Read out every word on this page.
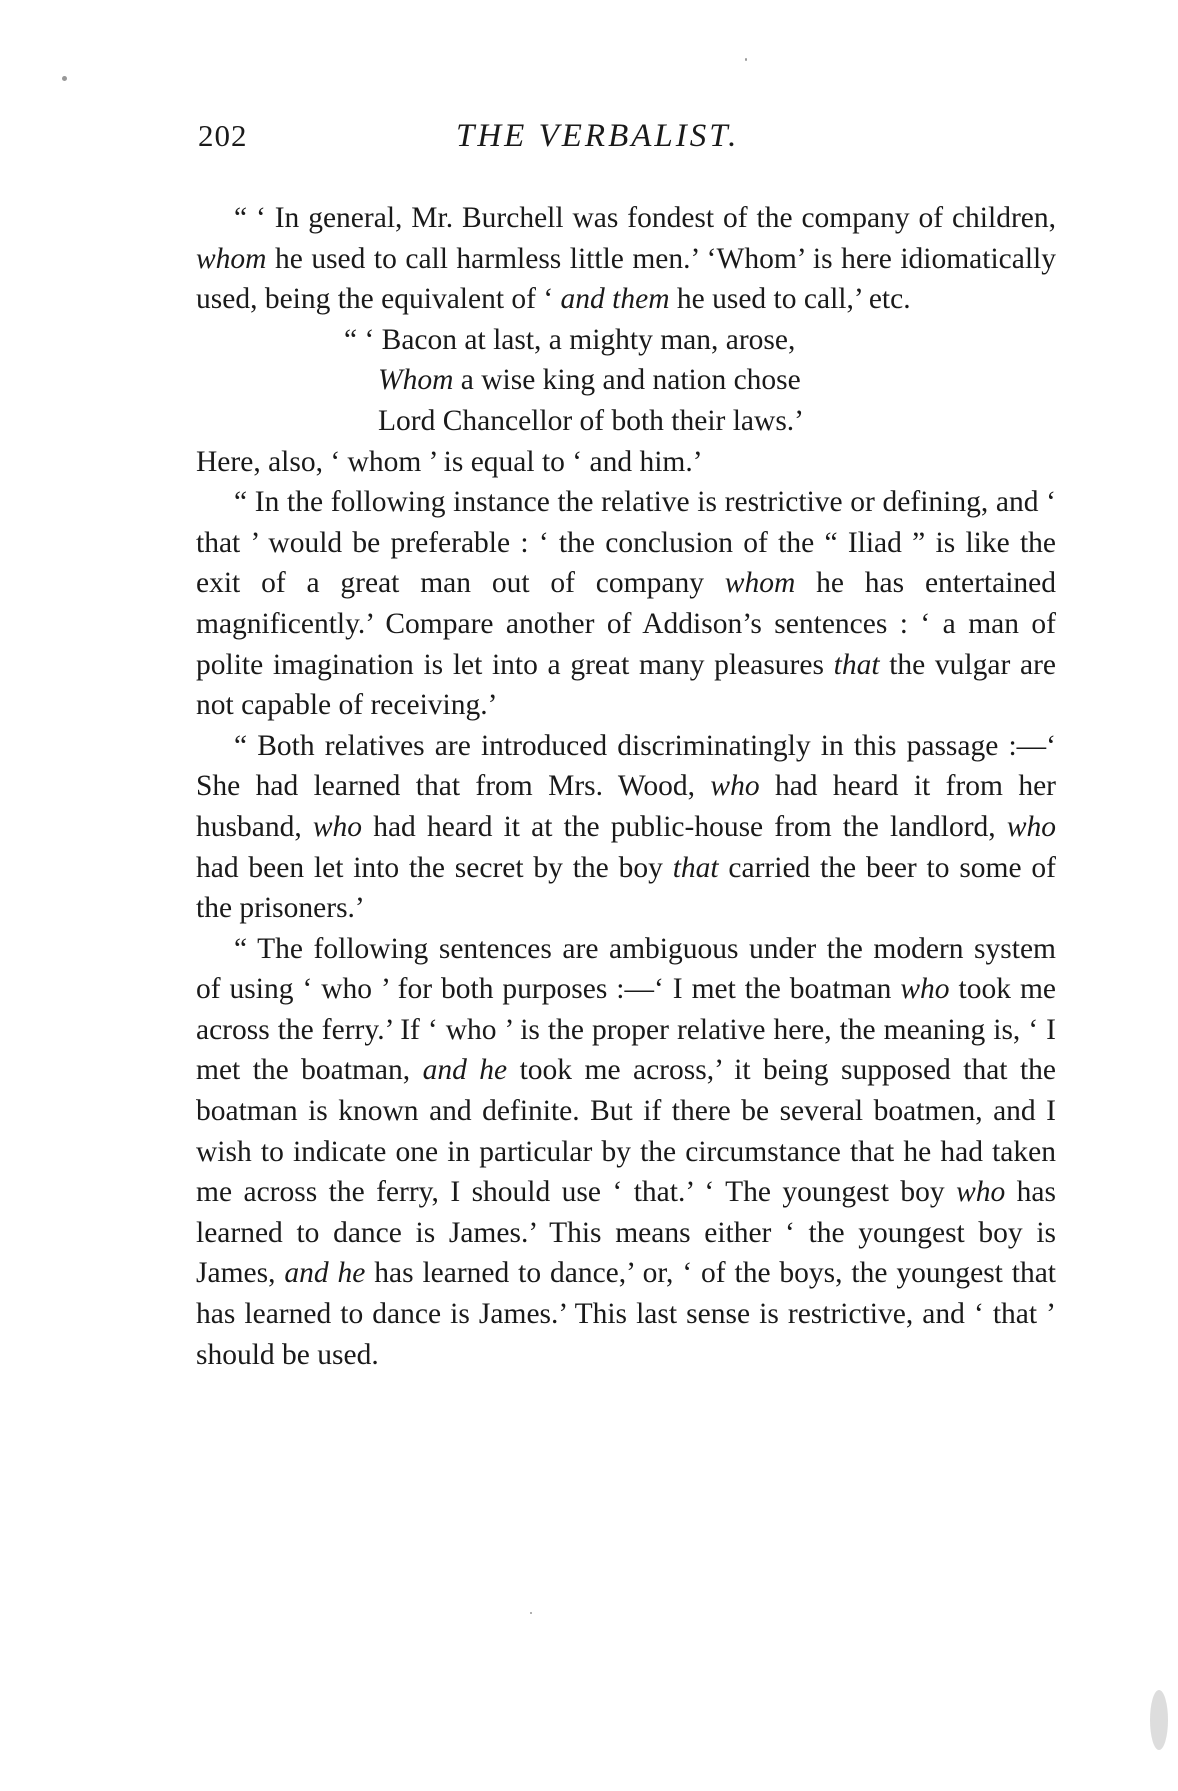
202	THE VERBALIST.

“ ‘ In general, Mr. Burchell was fondest of the company of children, whom he used to call harmless little men.’ ‘Whom’ is here idiomatically used, being the equivalent of ‘ and them he used to call,’ etc.

“ ‘ Bacon at last, a mighty man, arose,
Whom a wise king and nation chose
Lord Chancellor of both their laws.’

Here, also, ‘ whom ’ is equal to ‘ and him.’

“ In the following instance the relative is restrictive or defining, and ‘ that ’ would be preferable : ‘ the conclusion of the “ Iliad ” is like the exit of a great man out of company whom he has entertained magnificently.’ Compare another of Addison’s sentences : ‘ a man of polite imagination is let into a great many pleasures that the vulgar are not capable of receiving.’

“ Both relatives are introduced discriminatingly in this passage :—‘ She had learned that from Mrs. Wood, who had heard it from her husband, who had heard it at the public-house from the landlord, who had been let into the secret by the boy that carried the beer to some of the prisoners.’

“ The following sentences are ambiguous under the modern system of using ‘ who ’ for both purposes :—‘ I met the boatman who took me across the ferry.’ If ‘ who ’ is the proper relative here, the meaning is, ‘ I met the boatman, and he took me across,’ it being supposed that the boatman is known and definite. But if there be several boatmen, and I wish to indicate one in particular by the circumstance that he had taken me across the ferry, I should use ‘ that.’ ‘ The youngest boy who has learned to dance is James.’ This means either ‘ the youngest boy is James, and he has learned to dance,’ or, ‘ of the boys, the youngest that has learned to dance is James.’ This last sense is restrictive, and ‘ that ’ should be used.
